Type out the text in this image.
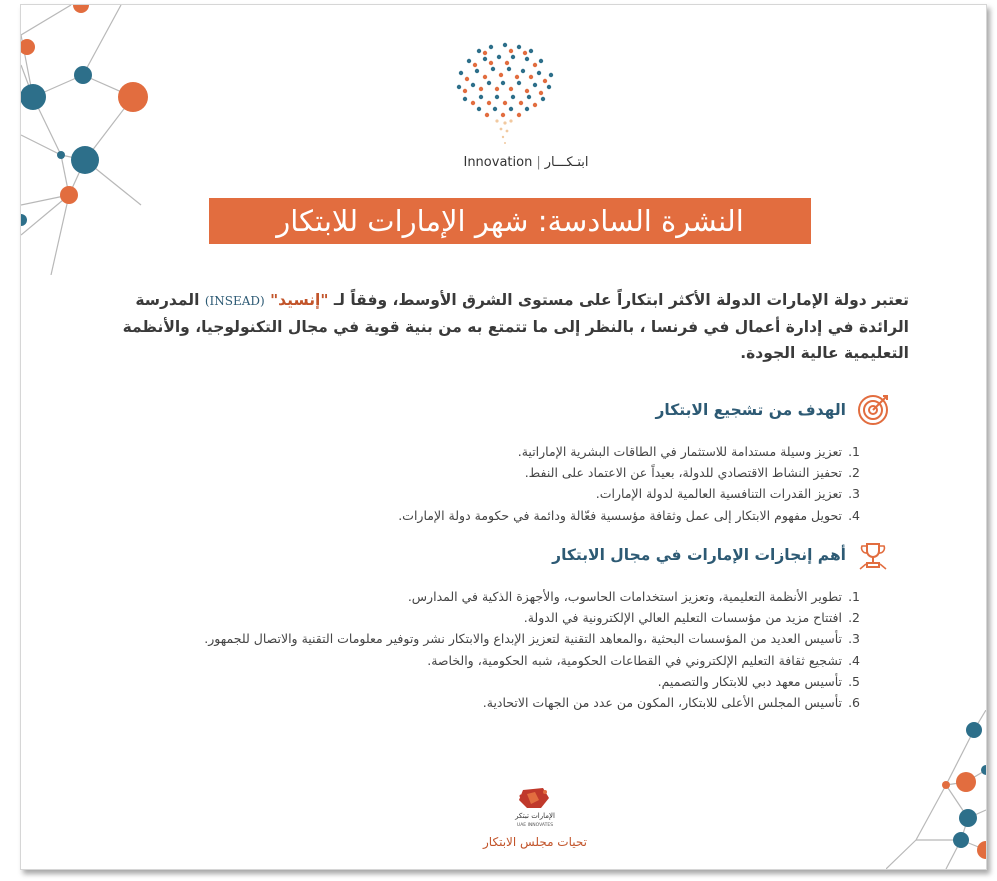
Innovation | ابتـكـــار
النشرة السادسة: شهر الإمارات للابتكار
تعتبر دولة الإمارات الدولة الأكثر ابتكاراً على مستوى الشرق الأوسط، وفقاً لـ "إنسيد" (INSEAD) المدرسة الرائدة في إدارة أعمال في فرنسا ، بالنظر إلى ما تتمتع به من بنية قوية في مجال التكنولوجيا، والأنظمة التعليمية عالية الجودة.
الهدف من تشجيع الابتكار
1.تعزيز وسيلة مستدامة للاستثمار في الطاقات البشرية الإماراتية.
2.تحفيز النشاط الاقتصادي للدولة، بعيداً عن الاعتماد على النفط.
3.تعزيز القدرات التنافسية العالمية لدولة الإمارات.
4.تحويل مفهوم الابتكار إلى عمل وثقافة مؤسسية فعّالة ودائمة في حكومة دولة الإمارات.
أهم إنجازات الإمارات في مجال الابتكار
1.تطوير الأنظمة التعليمية، وتعزيز استخدامات الحاسوب، والأجهزة الذكية في المدارس.
2.افتتاح مزيد من مؤسسات التعليم العالي الإلكترونية في الدولة.
3.تأسيس العديد من المؤسسات البحثية ،والمعاهد التقنية لتعزيز الإبداع والابتكار نشر وتوفير معلومات التقنية والاتصال للجمهور.
4.تشجيع ثقافة التعليم الإلكتروني في القطاعات الحكومية، شبه الحكومية، والخاصة.
5.تأسيس معهد دبي للابتكار والتصميم.
6.تأسيس المجلس الأعلى للابتكار، المكون من عدد من الجهات الاتحادية.
الإمارات تبتكر
UAE INNOVATES
تحيات مجلس الابتكار
